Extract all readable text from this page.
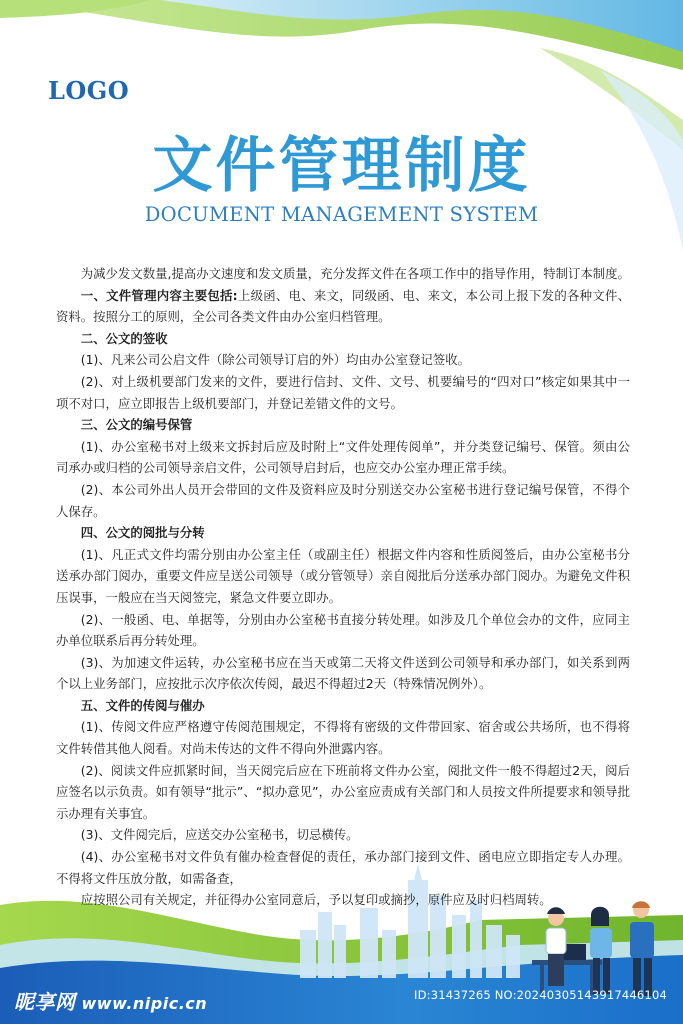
LOGO
文件管理制度
DOCUMENT MANAGEMENT SYSTEM

为减少发文数量,提高办文速度和发文质量，充分发挥文件在各项工作中的指导作用，特制订本制度。

一、文件管理内容主要包括:上级函、电、来文，同级函、电、来文，本公司上报下发的各种文件、资料。按照分工的原则，全公司各类文件由办公室归档管理。

二、公文的签收

(1)、凡来公司公启文件（除公司领导订启的外）均由办公室登记签收。

(2)、对上级机要部门发来的文件，要进行信封、文件、文号、机要编号的“四对口”核定如果其中一项不对口，应立即报告上级机要部门，并登记差错文件的文号。

三、公文的编号保管

(1)、办公室秘书对上级来文拆封后应及时附上“文件处理传阅单”，并分类登记编号、保管。须由公司承办或归档的公司领导亲启文件，公司领导启封后，也应交办公室办理正常手续。

(2)、本公司外出人员开会带回的文件及资料应及时分别送交办公室秘书进行登记编号保管，不得个人保存。

四、公文的阅批与分转

(1)、凡正式文件均需分别由办公室主任（或副主任）根据文件内容和性质阅签后，由办公室秘书分送承办部门阅办，重要文件应呈送公司领导（或分管领导）亲自阅批后分送承办部门阅办。为避免文件积压误事，一般应在当天阅签完，紧急文件要立即办。

(2)、一般函、电、单据等，分别由办公室秘书直接分转处理。如涉及几个单位会办的文件，应同主办单位联系后再分转处理。

(3)、为加速文件运转，办公室秘书应在当天或第二天将文件送到公司领导和承办部门，如关系到两个以上业务部门，应按批示次序依次传阅，最迟不得超过2天（特殊情况例外）。

五、文件的传阅与催办

(1)、传阅文件应严格遵守传阅范围规定，不得将有密级的文件带回家、宿舍或公共场所，也不得将文件转借其他人阅看。对尚未传达的文件不得向外泄露内容。

(2)、阅读文件应抓紧时间，当天阅完后应在下班前将文件办公室，阅批文件一般不得超过2天，阅后应签名以示负责。如有领导“批示”、“拟办意见”，办公室应责成有关部门和人员按文件所提要求和领导批示办理有关事宜。

(3)、文件阅完后，应送交办公室秘书，切忌横传。

(4)、办公室秘书对文件负有催办检查督促的责任，承办部门接到文件、函电应立即指定专人办理。不得将文件压放分散，如需备查，

应按照公司有关规定，并征得办公室同意后，予以复印或摘抄，原件应及时归档周转。

昵享网 www.nipic.cn	ID:31437265 NO:20240305143917446104
